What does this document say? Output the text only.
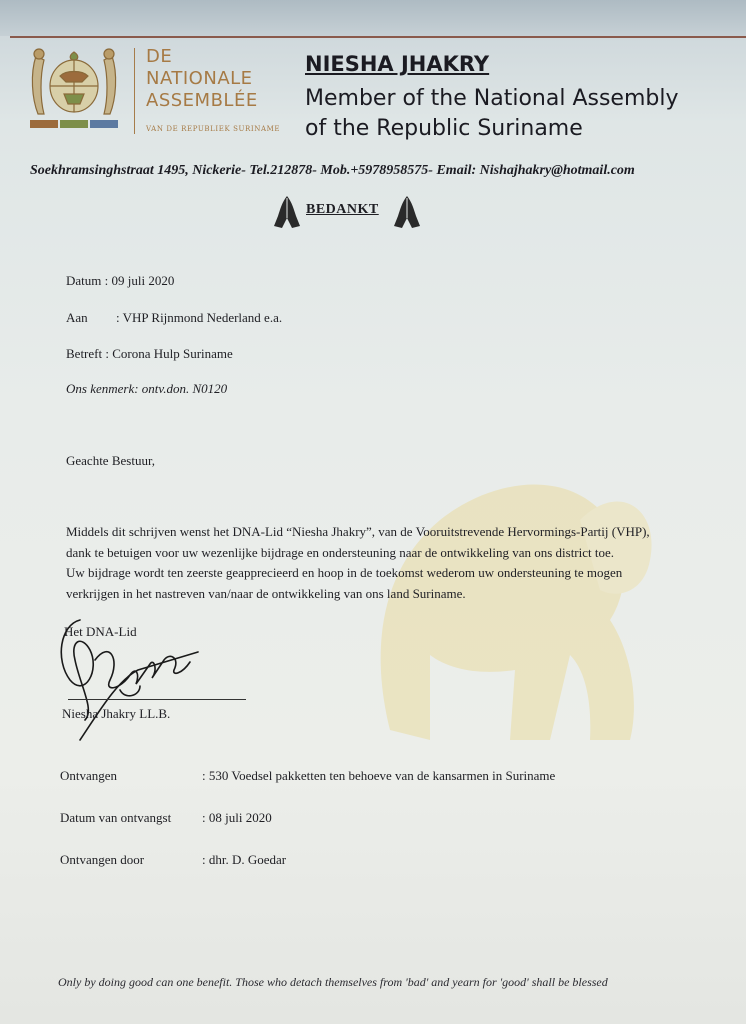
DE
NATIONALE
ASSEMBLÉE
VAN DE REPUBLIEK SURINAME
NIESHA JHAKRY
Member of the National Assembly
of the Republic Suriname
Soekhramsinghstraat 1495, Nickerie- Tel.212878- Mob.+5978958575- Email: Nishajhakry@hotmail.com
BEDANKT
Datum : 09 juli 2020
Aan : VHP Rijnmond Nederland e.a.
Betreft : Corona Hulp Suriname
Ons kenmerk: ontv.don. N0120
Geachte Bestuur,

Middels dit schrijven wenst het DNA-Lid “Niesha Jhakry”, van de Vooruitstrevende Hervormings-Partij (VHP),

dank te betuigen voor uw wezenlijke bijdrage en ondersteuning naar de ontwikkeling van ons district toe.

Uw bijdrage wordt ten zeerste geapprecieerd en hoop in de toekomst wederom uw ondersteuning te mogen

verkrijgen in het nastreven van/naar de ontwikkeling van ons land Suriname.

Het DNA-Lid
Niesha Jhakry LL.B.
Ontvangen	: 530 Voedsel pakketten ten behoeve van de kansarmen in Suriname
Datum van ontvangst : 08 juli 2020
Ontvangen door	: dhr. D. Goedar
Only by doing good can one benefit. Those who detach themselves from 'bad' and yearn for 'good' shall be blessed
